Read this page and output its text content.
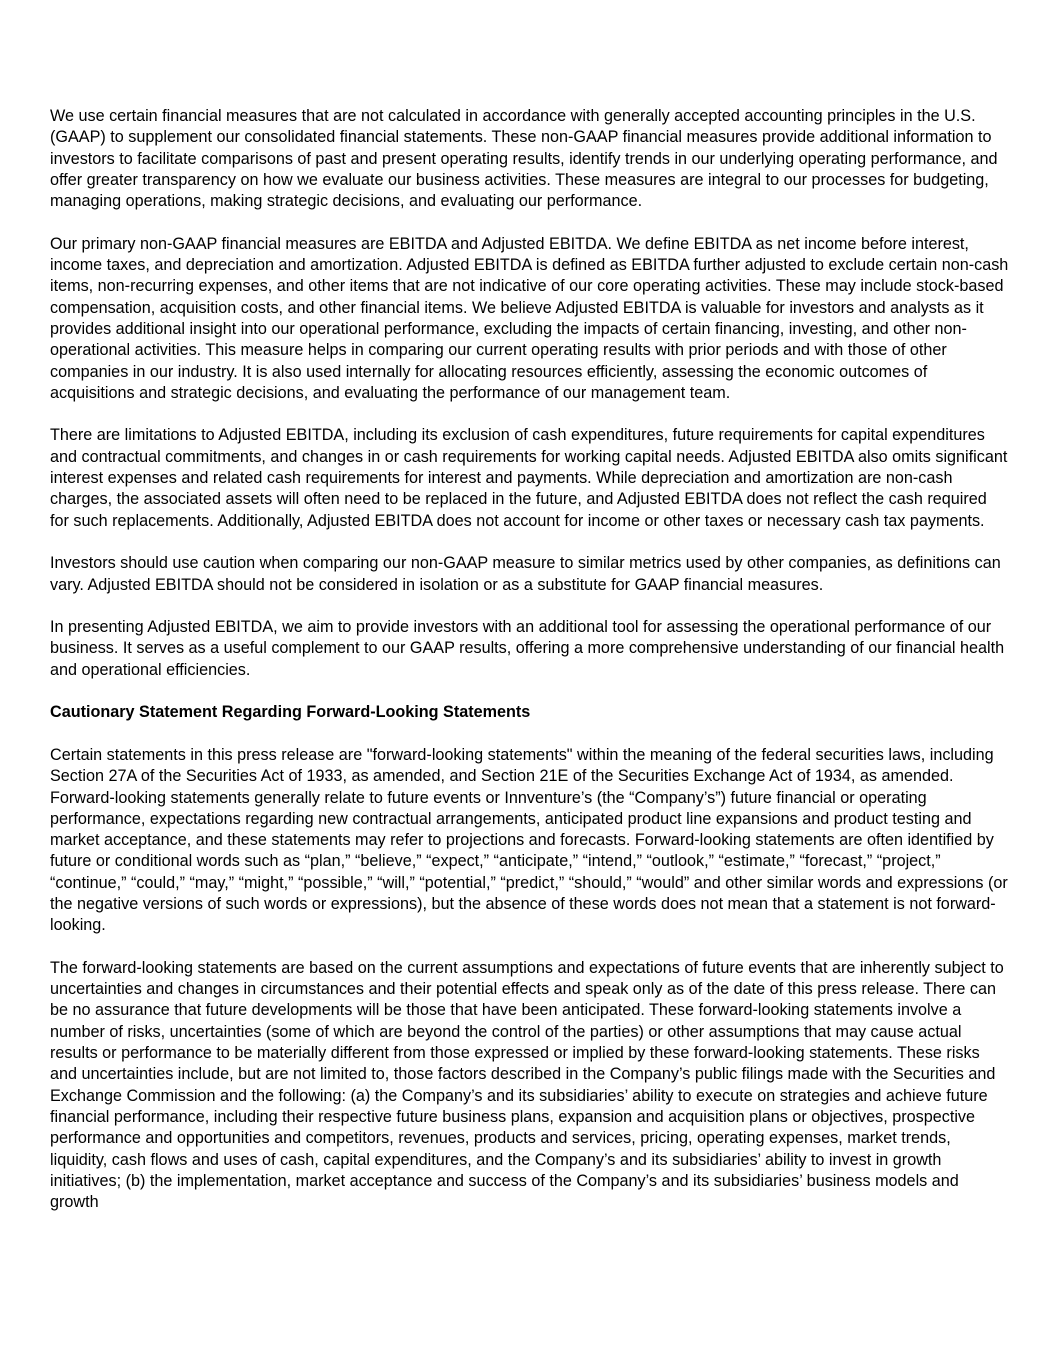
We use certain financial measures that are not calculated in accordance with generally accepted accounting principles in the U.S. (GAAP) to supplement our consolidated financial statements. These non-GAAP financial measures provide additional information to investors to facilitate comparisons of past and present operating results, identify trends in our underlying operating performance, and offer greater transparency on how we evaluate our business activities. These measures are integral to our processes for budgeting, managing operations, making strategic decisions, and evaluating our performance.

Our primary non-GAAP financial measures are EBITDA and Adjusted EBITDA. We define EBITDA as net income before interest, income taxes, and depreciation and amortization. Adjusted EBITDA is defined as EBITDA further adjusted to exclude certain non-cash items, non-recurring expenses, and other items that are not indicative of our core operating activities. These may include stock-based compensation, acquisition costs, and other financial items. We believe Adjusted EBITDA is valuable for investors and analysts as it provides additional insight into our operational performance, excluding the impacts of certain financing, investing, and other non-operational activities. This measure helps in comparing our current operating results with prior periods and with those of other companies in our industry. It is also used internally for allocating resources efficiently, assessing the economic outcomes of acquisitions and strategic decisions, and evaluating the performance of our management team.

There are limitations to Adjusted EBITDA, including its exclusion of cash expenditures, future requirements for capital expenditures and contractual commitments, and changes in or cash requirements for working capital needs. Adjusted EBITDA also omits significant interest expenses and related cash requirements for interest and payments. While depreciation and amortization are non-cash charges, the associated assets will often need to be replaced in the future, and Adjusted EBITDA does not reflect the cash required for such replacements. Additionally, Adjusted EBITDA does not account for income or other taxes or necessary cash tax payments.

Investors should use caution when comparing our non-GAAP measure to similar metrics used by other companies, as definitions can vary. Adjusted EBITDA should not be considered in isolation or as a substitute for GAAP financial measures.

In presenting Adjusted EBITDA, we aim to provide investors with an additional tool for assessing the operational performance of our business. It serves as a useful complement to our GAAP results, offering a more comprehensive understanding of our financial health and operational efficiencies.

Cautionary Statement Regarding Forward-Looking Statements

Certain statements in this press release are "forward-looking statements" within the meaning of the federal securities laws, including Section 27A of the Securities Act of 1933, as amended, and Section 21E of the Securities Exchange Act of 1934, as amended. Forward-looking statements generally relate to future events or Innventure’s (the “Company’s”) future financial or operating performance, expectations regarding new contractual arrangements, anticipated product line expansions and product testing and market acceptance, and these statements may refer to projections and forecasts. Forward-looking statements are often identified by future or conditional words such as “plan,” “believe,” “expect,” “anticipate,” “intend,” “outlook,” “estimate,” “forecast,” “project,” “continue,” “could,” “may,” “might,” “possible,” “will,” “potential,” “predict,” “should,” “would” and other similar words and expressions (or the negative versions of such words or expressions), but the absence of these words does not mean that a statement is not forward-looking.

The forward-looking statements are based on the current assumptions and expectations of future events that are inherently subject to uncertainties and changes in circumstances and their potential effects and speak only as of the date of this press release. There can be no assurance that future developments will be those that have been anticipated. These forward-looking statements involve a number of risks, uncertainties (some of which are beyond the control of the parties) or other assumptions that may cause actual results or performance to be materially different from those expressed or implied by these forward-looking statements. These risks and uncertainties include, but are not limited to, those factors described in the Company’s public filings made with the Securities and Exchange Commission and the following: (a) the Company’s and its subsidiaries’ ability to execute on strategies and achieve future financial performance, including their respective future business plans, expansion and acquisition plans or objectives, prospective performance and opportunities and competitors, revenues, products and services, pricing, operating expenses, market trends, liquidity, cash flows and uses of cash, capital expenditures, and the Company’s and its subsidiaries’ ability to invest in growth initiatives; (b) the implementation, market acceptance and success of the Company’s and its subsidiaries’ business models and growth
